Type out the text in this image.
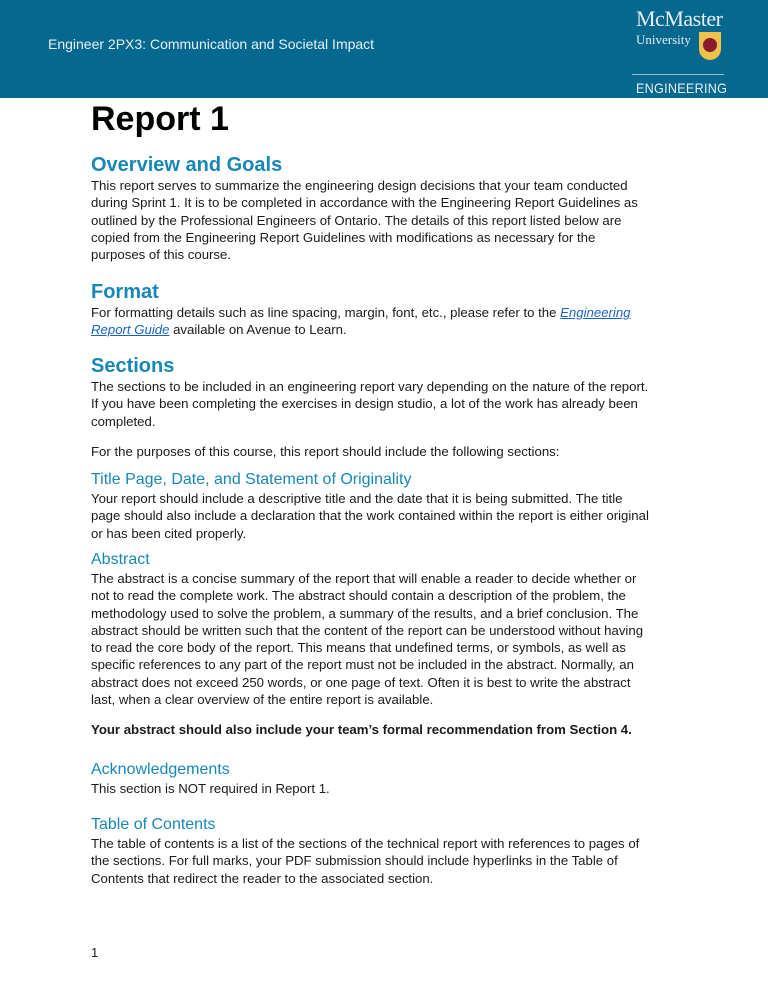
Engineer 2PX3: Communication and Societal Impact
McMaster
University
ENGINEERING
Report 1
Overview and Goals
This report serves to summarize the engineering design decisions that your team conducted
during Sprint 1. It is to be completed in accordance with the Engineering Report Guidelines as
outlined by the Professional Engineers of Ontario. The details of this report listed below are
copied from the Engineering Report Guidelines with modifications as necessary for the
purposes of this course.
Format
For formatting details such as line spacing, margin, font, etc., please refer to the Engineering
Report Guide available on Avenue to Learn.
Sections
The sections to be included in an engineering report vary depending on the nature of the report.
If you have been completing the exercises in design studio, a lot of the work has already been
completed.
For the purposes of this course, this report should include the following sections:
Title Page, Date, and Statement of Originality
Your report should include a descriptive title and the date that it is being submitted. The title
page should also include a declaration that the work contained within the report is either original
or has been cited properly.
Abstract
The abstract is a concise summary of the report that will enable a reader to decide whether or
not to read the complete work. The abstract should contain a description of the problem, the
methodology used to solve the problem, a summary of the results, and a brief conclusion. The
abstract should be written such that the content of the report can be understood without having
to read the core body of the report. This means that undefined terms, or symbols, as well as
specific references to any part of the report must not be included in the abstract. Normally, an
abstract does not exceed 250 words, or one page of text. Often it is best to write the abstract
last, when a clear overview of the entire report is available.
Your abstract should also include your team’s formal recommendation from Section 4.
Acknowledgements
This section is NOT required in Report 1.
Table of Contents
The table of contents is a list of the sections of the technical report with references to pages of
the sections. For full marks, your PDF submission should include hyperlinks in the Table of
Contents that redirect the reader to the associated section.
1
